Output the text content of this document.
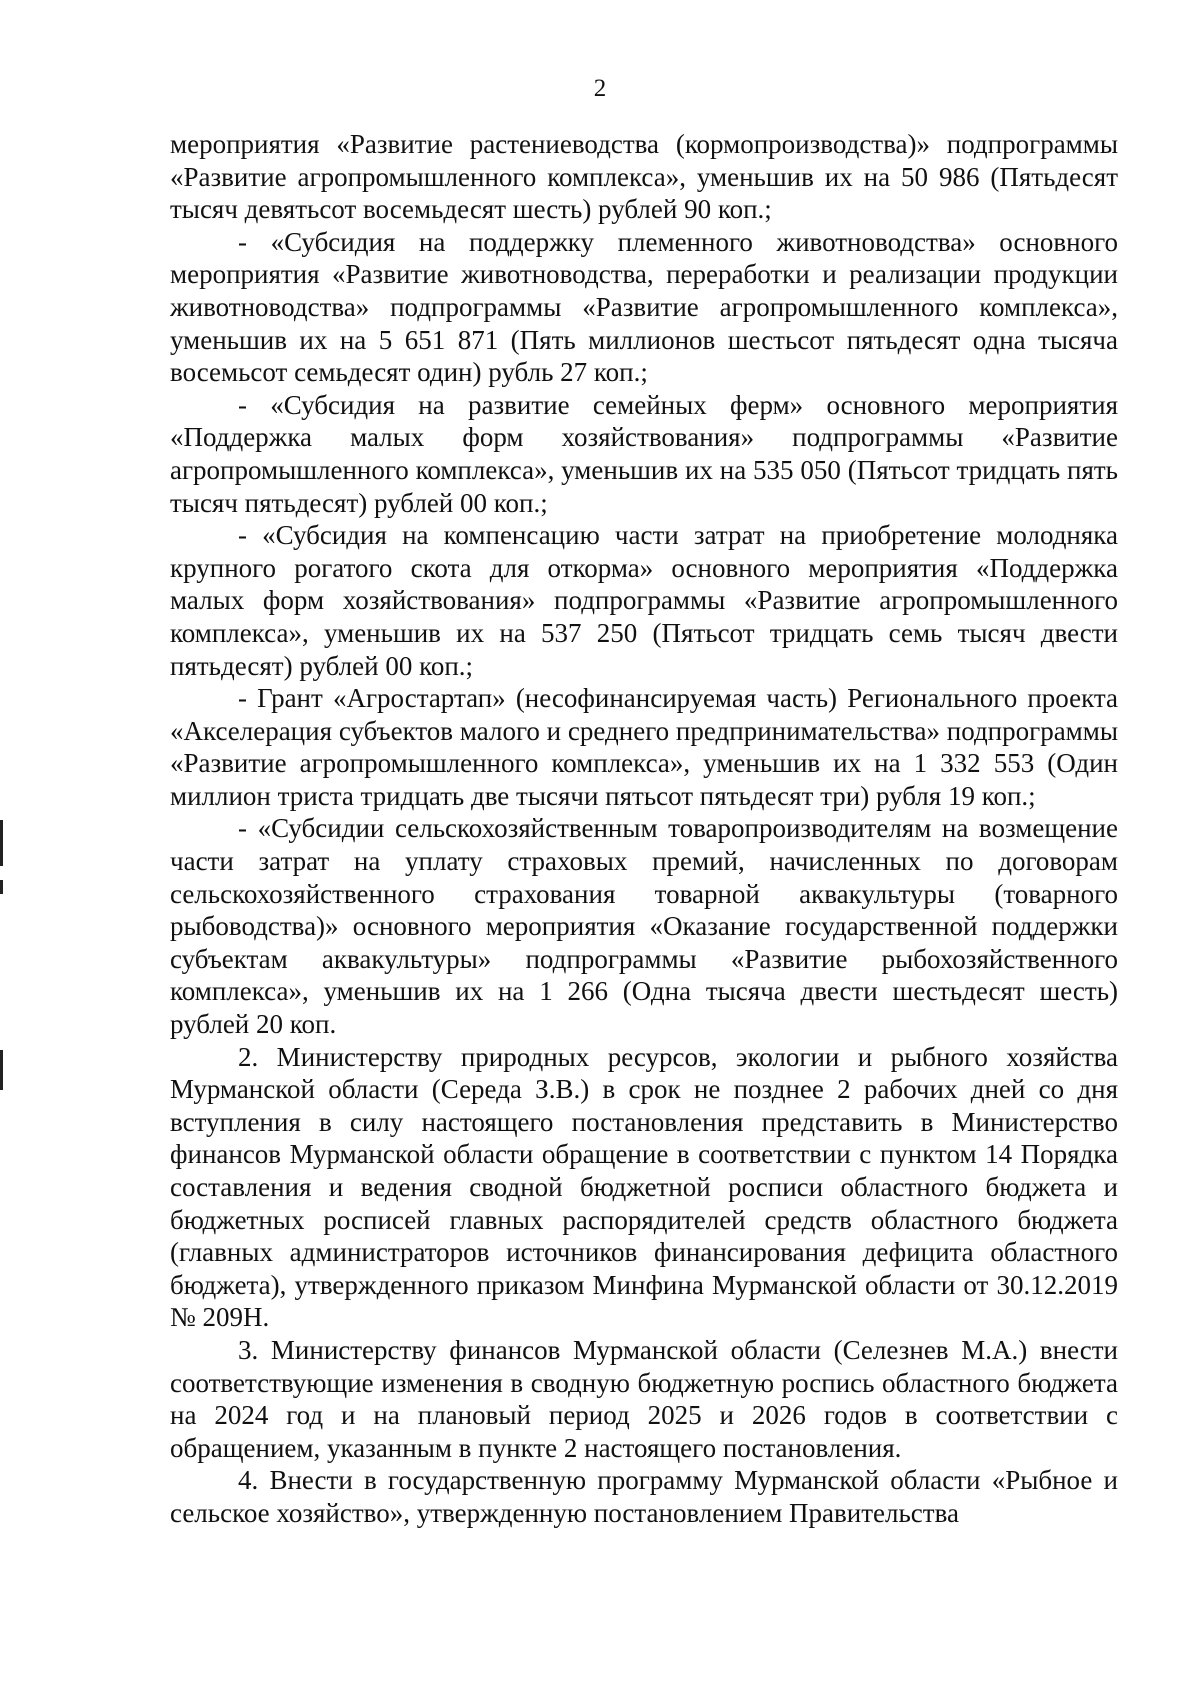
2

мероприятия «Развитие растениеводства (кормопроизводства)» подпрограммы «Развитие агропромышленного комплекса», уменьшив их на 50 986 (Пятьдесят тысяч девятьсот восемьдесят шесть) рублей 90 коп.;

- «Субсидия на поддержку племенного животноводства» основного мероприятия «Развитие животноводства, переработки и реализации продукции животноводства» подпрограммы «Развитие агропромышленного комплекса», уменьшив их на 5 651 871 (Пять миллионов шестьсот пятьдесят одна тысяча восемьсот семьдесят один) рубль 27 коп.;

- «Субсидия на развитие семейных ферм» основного мероприятия «Поддержка малых форм хозяйствования» подпрограммы «Развитие агропромышленного комплекса», уменьшив их на 535 050 (Пятьсот тридцать пять тысяч пятьдесят) рублей 00 коп.;

- «Субсидия на компенсацию части затрат на приобретение молодняка крупного рогатого скота для откорма» основного мероприятия «Поддержка малых форм хозяйствования» подпрограммы «Развитие агропромышленного комплекса», уменьшив их на 537 250 (Пятьсот тридцать семь тысяч двести пятьдесят) рублей 00 коп.;

- Грант «Агростартап» (несофинансируемая часть) Регионального проекта «Акселерация субъектов малого и среднего предпринимательства» подпрограммы «Развитие агропромышленного комплекса», уменьшив их на 1 332 553 (Один миллион триста тридцать две тысячи пятьсот пятьдесят три) рубля 19 коп.;

- «Субсидии сельскохозяйственным товаропроизводителям на возмещение части затрат на уплату страховых премий, начисленных по договорам сельскохозяйственного страхования товарной аквакультуры (товарного рыбоводства)» основного мероприятия «Оказание государственной поддержки субъектам аквакультуры» подпрограммы «Развитие рыбохозяйственного комплекса», уменьшив их на 1 266 (Одна тысяча двести шестьдесят шесть) рублей 20 коп.

2. Министерству природных ресурсов, экологии и рыбного хозяйства Мурманской области (Середа З.В.) в срок не позднее 2 рабочих дней со дня вступления в силу настоящего постановления представить в Министерство финансов Мурманской области обращение в соответствии с пунктом 14 Порядка составления и ведения сводной бюджетной росписи областного бюджета и бюджетных росписей главных распорядителей средств областного бюджета (главных администраторов источников финансирования дефицита областного бюджета), утвержденного приказом Минфина Мурманской области от 30.12.2019 № 209Н.

3. Министерству финансов Мурманской области (Селезнев М.А.) внести соответствующие изменения в сводную бюджетную роспись областного бюджета на 2024 год и на плановый период 2025 и 2026 годов в соответствии с обращением, указанным в пункте 2 настоящего постановления.

4. Внести в государственную программу Мурманской области «Рыбное и сельское хозяйство», утвержденную постановлением Правительства
